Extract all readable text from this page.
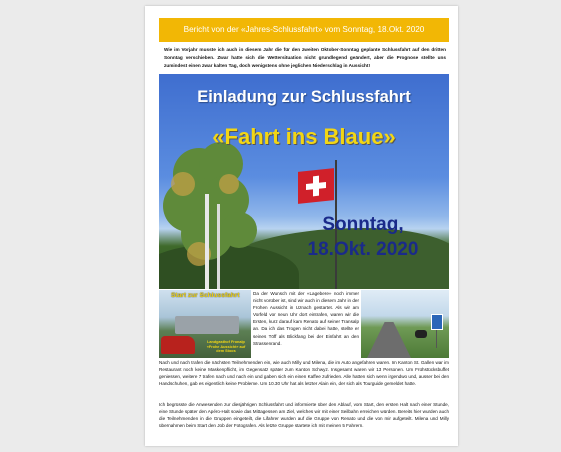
Bericht von der «Jahres-Schlussfahrt» vom Sonntag, 18.Okt. 2020
Wie im Vorjahr musste ich auch in diesem Jahr die für den zweiten Oktober-Sonntag geplante Schlussfahrt auf den dritten Sonntag verschieben. Zwar hatte sich die Wettersituation nicht grundlegend geändert, aber die Prognose stellte uns zumindest einen zwar kalten Tag, doch wenigstens ohne jeglichen Niederschlag in Aussicht!
Einladung zur Schlussfahrt
«Fahrt ins Blaue»
Sonntag,
18.Okt. 2020
Start zur Schlussfahrt
Landgasthof Fronalp «Frohe Aussicht» auf dem Stoos
Da der Wunsch mit der «Lagebere» noch immer nicht vorüber ist, sind wir auch in diesem Jahr in der Frohen Aussicht in Uznach gestartet. Als wir am Vorfeld vor neun Uhr dort eintrafen, waren wir die Ersten, kurz darauf kam Renato auf seiner Transalp an. Da ich das Trogen nicht dabei hatte, stellte er seines Töff als Blickfang bei der Einfahrt an den Strassenrand.
Nach und nach trafen die nächsten Teilnehmenden ein, wie auch Milly und Milena, die im Auto angefahren waren. Im Kanton St. Gallen war im Restaurant noch keine Maskenpflicht, im Gegensatz später zum Kanton Schwyz. Insgesamt waren wir 13 Personen. Um Frühstücksbuffet geniessen, weitere 7 trafen nach und nach ein und gaben sich ein einen Kaffee zufrieden. Alle hatten sich wenn irgendwo und, ausser bei den Handschuhen, gab es eigentlich keine Probleme. Um 10.30 Uhr hat als letzter Alain ein, der sich als Tourguide gemeldet hatte.
Ich begrüsste die Anwesenden zur diesjährigen Schlussfahrt und informierte über den Ablauf, vom Start, den ersten Halt nach einer Stunde, eine Stunde später den Apéro-Halt sowie das Mittagessen am Ziel, welches wir mit einer Seilbahn erreichen würden. Bereits hier wurden auch die Teilnehmenden in die Gruppen eingeteilt, die Lifahrer wurden auf die Gruppe von Renato und die von mir aufgeteilt. Milena und Milly übernahmen beim Start den Job der Fotografen. Als letzte Gruppe startete ich mit meinen 5 Fahrern.
